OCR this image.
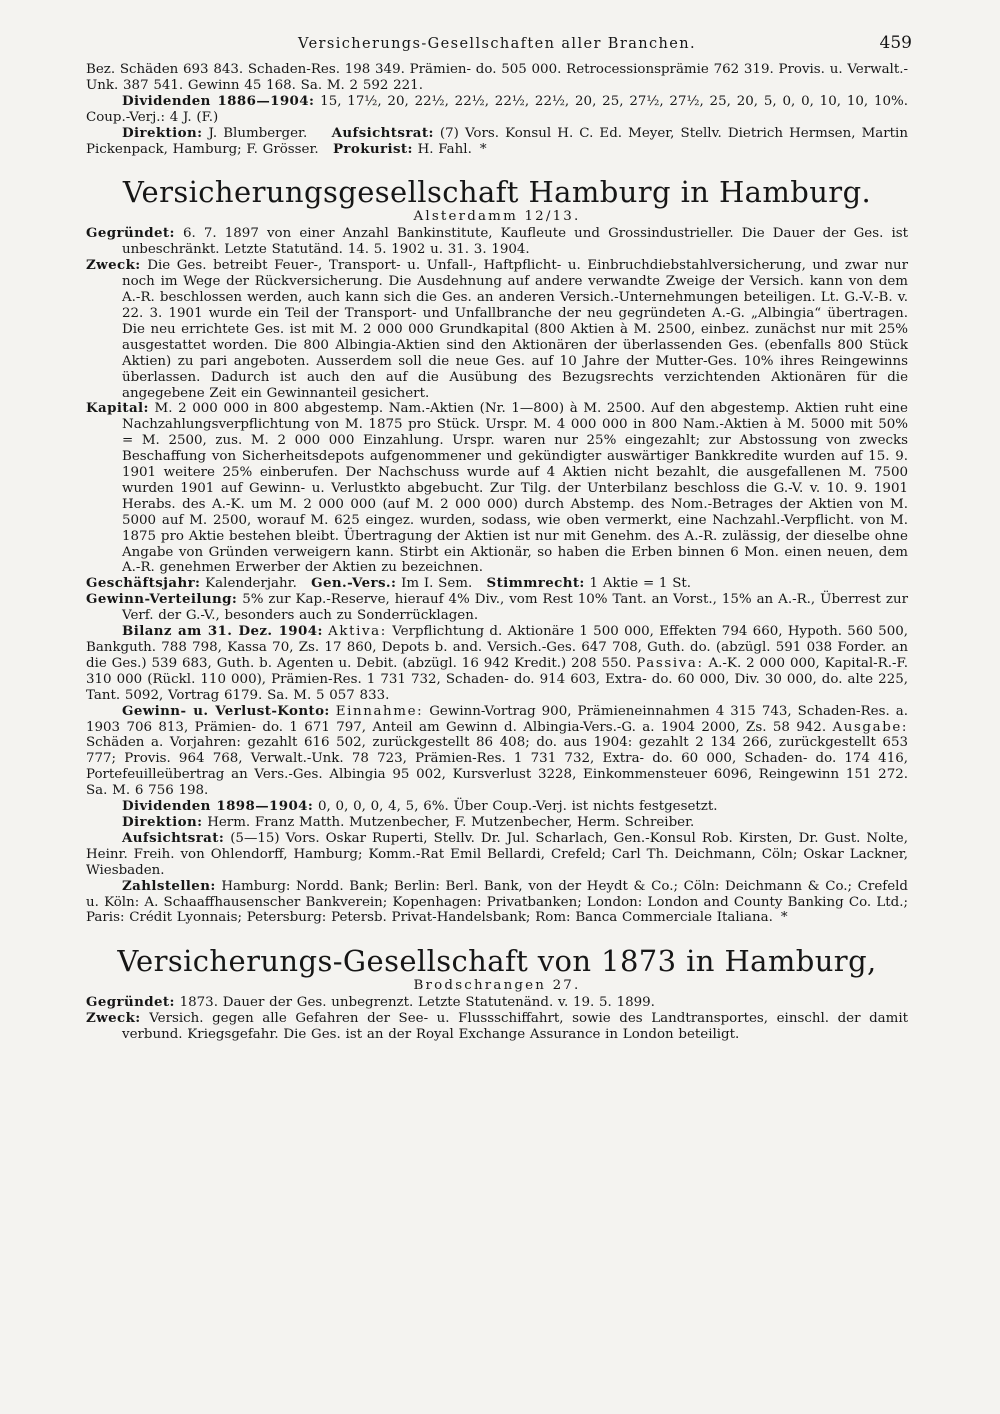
Versicherungs-Gesellschaften aller Branchen.	459

Bez. Schäden 693 843. Schaden-Res. 198 349. Prämien- do. 505 000. Retrocessionsprämie 762 319. Provis. u. Verwalt.-Unk. 387 541. Gewinn 45 168. Sa. M. 2 592 221.

Dividenden 1886—1904: 15, 17½, 20, 22½, 22½, 22½, 22½, 20, 25, 27½, 27½, 25, 20, 5, 0, 0, 10, 10, 10%. Coup.-Verj.: 4 J. (F.)

Direktion: J. Blumberger. Aufsichtsrat: (7) Vors. Konsul H. C. Ed. Meyer, Stellv. Dietrich Hermsen, Martin Pickenpack, Hamburg; F. Grösser. Prokurist: H. Fahl. *

Versicherungsgesellschaft Hamburg in Hamburg.
Alsterdamm 12/13.

Gegründet: 6. 7. 1897 von einer Anzahl Bankinstitute, Kaufleute und Grossindustrieller. Die Dauer der Ges. ist unbeschränkt. Letzte Statutänd. 14. 5. 1902 u. 31. 3. 1904.

Zweck: Die Ges. betreibt Feuer-, Transport- u. Unfall-, Haftpflicht- u. Einbruchdiebstahlversicherung, und zwar nur noch im Wege der Rückversicherung. Die Ausdehnung auf andere verwandte Zweige der Versich. kann von dem A.-R. beschlossen werden, auch kann sich die Ges. an anderen Versich.-Unternehmungen beteiligen. Lt. G.-V.-B. v. 22. 3. 1901 wurde ein Teil der Transport- und Unfallbranche der neu gegründeten A.-G. „Albingia“ übertragen. Die neu errichtete Ges. ist mit M. 2 000 000 Grundkapital (800 Aktien à M. 2500, einbez. zunächst nur mit 25% ausgestattet worden. Die 800 Albingia-Aktien sind den Aktionären der überlassenden Ges. (ebenfalls 800 Stück Aktien) zu pari angeboten. Ausserdem soll die neue Ges. auf 10 Jahre der Mutter-Ges. 10% ihres Reingewinns überlassen. Dadurch ist auch den auf die Ausübung des Bezugsrechts verzichtenden Aktionären für die angegebene Zeit ein Gewinnanteil gesichert.

Kapital: M. 2 000 000 in 800 abgestemp. Nam.-Aktien (Nr. 1—800) à M. 2500. Auf den abgestemp. Aktien ruht eine Nachzahlungsverpflichtung von M. 1875 pro Stück. Urspr. M. 4 000 000 in 800 Nam.-Aktien à M. 5000 mit 50% = M. 2500, zus. M. 2 000 000 Einzahlung. Urspr. waren nur 25% eingezahlt; zur Abstossung von zwecks Beschaffung von Sicherheitsdepots aufgenommener und gekündigter auswärtiger Bankkredite wurden auf 15. 9. 1901 weitere 25% einberufen. Der Nachschuss wurde auf 4 Aktien nicht bezahlt, die ausgefallenen M. 7500 wurden 1901 auf Gewinn- u. Verlustkto abgebucht. Zur Tilg. der Unterbilanz beschloss die G.-V. v. 10. 9. 1901 Herabs. des A.-K. um M. 2 000 000 (auf M. 2 000 000) durch Abstemp. des Nom.-Betrages der Aktien von M. 5000 auf M. 2500, worauf M. 625 eingez. wurden, sodass, wie oben vermerkt, eine Nachzahl.-Verpflicht. von M. 1875 pro Aktie bestehen bleibt. Übertragung der Aktien ist nur mit Genehm. des A.-R. zulässig, der dieselbe ohne Angabe von Gründen verweigern kann. Stirbt ein Aktionär, so haben die Erben binnen 6 Mon. einen neuen, dem A.-R. genehmen Erwerber der Aktien zu bezeichnen.

Geschäftsjahr: Kalenderjahr. Gen.-Vers.: Im I. Sem. Stimmrecht: 1 Aktie = 1 St.

Gewinn-Verteilung: 5% zur Kap.-Reserve, hierauf 4% Div., vom Rest 10% Tant. an Vorst., 15% an A.-R., Überrest zur Verf. der G.-V., besonders auch zu Sonderrücklagen.

Bilanz am 31. Dez. 1904: Aktiva: Verpflichtung d. Aktionäre 1 500 000, Effekten 794 660, Hypoth. 560 500, Bankguth. 788 798, Kassa 70, Zs. 17 860, Depots b. and. Versich.-Ges. 647 708, Guth. do. (abzügl. 591 038 Forder. an die Ges.) 539 683, Guth. b. Agenten u. Debit. (abzügl. 16 942 Kredit.) 208 550. Passiva: A.-K. 2 000 000, Kapital-R.-F. 310 000 (Rückl. 110 000), Prämien-Res. 1 731 732, Schaden- do. 914 603, Extra- do. 60 000, Div. 30 000, do. alte 225, Tant. 5092, Vortrag 6179. Sa. M. 5 057 833.

Gewinn- u. Verlust-Konto: Einnahme: Gewinn-Vortrag 900, Prämieneinnahmen 4 315 743, Schaden-Res. a. 1903 706 813, Prämien- do. 1 671 797, Anteil am Gewinn d. Albingia-Vers.-G. a. 1904 2000, Zs. 58 942. Ausgabe: Schäden a. Vorjahren: gezahlt 616 502, zurückgestellt 86 408; do. aus 1904: gezahlt 2 134 266, zurückgestellt 653 777; Provis. 964 768, Verwalt.-Unk. 78 723, Prämien-Res. 1 731 732, Extra- do. 60 000, Schaden- do. 174 416, Portefeuilleübertrag an Vers.-Ges. Albingia 95 002, Kursverlust 3228, Einkommensteuer 6096, Reingewinn 151 272. Sa. M. 6 756 198.

Dividenden 1898—1904: 0, 0, 0, 0, 4, 5, 6%. Über Coup.-Verj. ist nichts festgesetzt.

Direktion: Herm. Franz Matth. Mutzenbecher, F. Mutzenbecher, Herm. Schreiber.

Aufsichtsrat: (5—15) Vors. Oskar Ruperti, Stellv. Dr. Jul. Scharlach, Gen.-Konsul Rob. Kirsten, Dr. Gust. Nolte, Heinr. Freih. von Ohlendorff, Hamburg; Komm.-Rat Emil Bellardi, Crefeld; Carl Th. Deichmann, Cöln; Oskar Lackner, Wiesbaden.

Zahlstellen: Hamburg: Nordd. Bank; Berlin: Berl. Bank, von der Heydt & Co.; Cöln: Deichmann & Co.; Crefeld u. Köln: A. Schaaffhausenscher Bankverein; Kopenhagen: Privatbanken; London: London and County Banking Co. Ltd.; Paris: Crédit Lyonnais; Petersburg: Petersb. Privat-Handelsbank; Rom: Banca Commerciale Italiana. *

Versicherungs-Gesellschaft von 1873 in Hamburg,
Brodschrangen 27.

Gegründet: 1873. Dauer der Ges. unbegrenzt. Letzte Statutenänd. v. 19. 5. 1899.

Zweck: Versich. gegen alle Gefahren der See- u. Flussschiffahrt, sowie des Landtransportes, einschl. der damit verbund. Kriegsgefahr. Die Ges. ist an der Royal Exchange Assurance in London beteiligt.
